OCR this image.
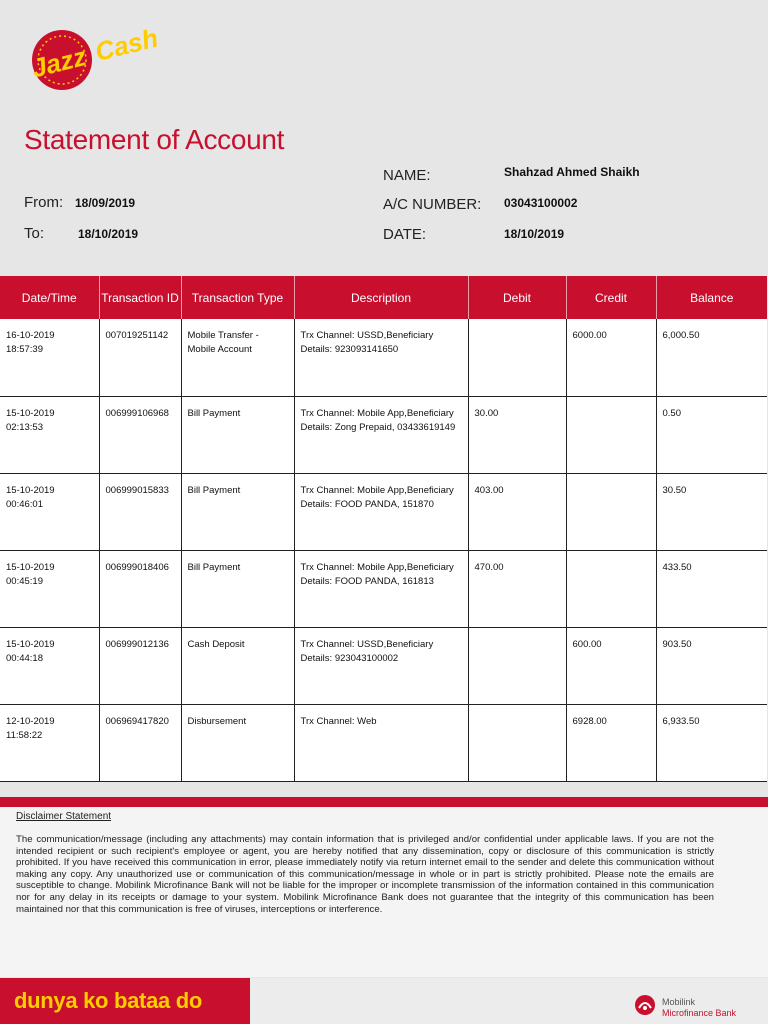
Jazz Cash
Statement of Account
From: 18/09/2019
To:	18/10/2019
NAME:	Shahzad Ahmed Shaikh
A/C NUMBER: 03043100002
DATE:	18/10/2019
Date/Time	Transaction ID	Transaction Type	Description	Debit	Credit	Balance

16-10-2019
18:57:39	007019251142	Mobile Transfer - Mobile Account	Trx Channel: USSD,Beneficiary Details: 923093141650		6000.00	6,000.50

15-10-2019
02:13:53	006999106968	Bill Payment	Trx Channel: Mobile App,Beneficiary Details: Zong Prepaid, 03433619149	30.00		0.50

15-10-2019
00:46:01	006999015833	Bill Payment	Trx Channel: Mobile App,Beneficiary Details: FOOD PANDA, 151870	403.00		30.50

15-10-2019
00:45:19	006999018406	Bill Payment	Trx Channel: Mobile App,Beneficiary Details: FOOD PANDA, 161813	470.00		433.50

15-10-2019
00:44:18	006999012136	Cash Deposit	Trx Channel: USSD,Beneficiary Details: 923043100002		600.00	903.50

12-10-2019
11:58:22	006969417820	Disbursement	Trx Channel: Web		6928.00	6,933.50
Disclaimer Statement
The communication/message (including any attachments) may contain information that is privileged and/or confidential under applicable laws. If you are not the intended recipient or such recipient's employee or agent, you are hereby notified that any dissemination, copy or disclosure of this communication is strictly prohibited. If you have received this communication in error, please immediately notify via return internet email to the sender and delete this communication without making any copy. Any unauthorized use or communication of this communication/message in whole or in part is strictly prohibited. Please note the emails are susceptible to change. Mobilink Microfinance Bank will not be liable for the improper or incomplete transmission of the information contained in this communication nor for any delay in its receipts or damage to your system. Mobilink Microfinance Bank does not guarantee that the integrity of this communication has been maintained nor that this communication is free of viruses, interceptions or interference.
dunya ko bataa do	Mobilink
Microfinance Bank
